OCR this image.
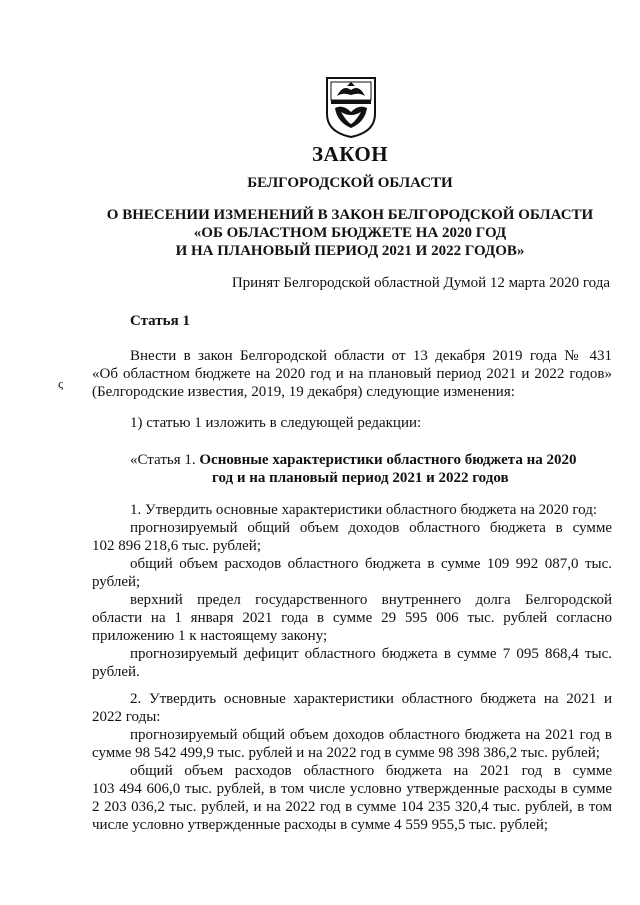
ЗАКОН
БЕЛГОРОДСКОЙ ОБЛАСТИ
О ВНЕСЕНИИ ИЗМЕНЕНИЙ В ЗАКОН БЕЛГОРОДСКОЙ ОБЛАСТИ
«ОБ ОБЛАСТНОМ БЮДЖЕТЕ НА 2020 ГОД
И НА ПЛАНОВЫЙ ПЕРИОД 2021 И 2022 ГОДОВ»
Принят Белгородской областной Думой 12 марта 2020 года
Статья 1
Внести в закон Белгородской области от 13 декабря 2019 года № 431
«Об областном бюджете на 2020 год и на плановый период 2021 и 2022 годов»
(Белгородские известия, 2019, 19 декабря) следующие изменения:
ς
1) статью 1 изложить в следующей редакции:
«Статья 1. Основные характеристики областного бюджета на 2020
год и на плановый период 2021 и 2022 годов
1. Утвердить основные характеристики областного бюджета на 2020 год:
прогнозируемый общий объем доходов областного бюджета в сумме
102 896 218,6 тыс. рублей;
общий объем расходов областного бюджета в сумме 109 992 087,0 тыс.
рублей;
верхний предел государственного внутреннего долга Белгородской
области на 1 января 2021 года в сумме 29 595 006 тыс. рублей согласно
приложению 1 к настоящему закону;
прогнозируемый дефицит областного бюджета в сумме 7 095 868,4 тыс.
рублей.
2. Утвердить основные характеристики областного бюджета на 2021 и
2022 годы:
прогнозируемый общий объем доходов областного бюджета на 2021 год в
сумме 98 542 499,9 тыс. рублей и на 2022 год в сумме 98 398 386,2 тыс. рублей;
общий объем расходов областного бюджета на 2021 год в сумме
103 494 606,0 тыс. рублей, в том числе условно утвержденные расходы в сумме
2 203 036,2 тыс. рублей, и на 2022 год в сумме 104 235 320,4 тыс. рублей, в том
числе условно утвержденные расходы в сумме 4 559 955,5 тыс. рублей;
